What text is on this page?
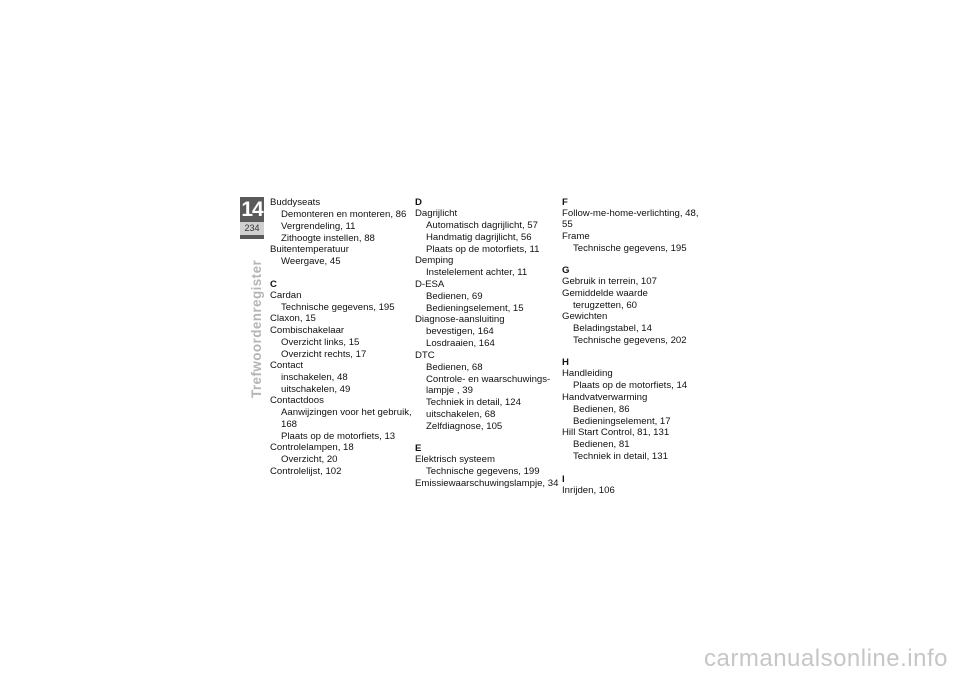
14
234
Trefwoordenregister
Buddyseats
Demonteren en monteren, 86
Vergrendeling, 11
Zithoogte instellen, 88
Buitentemperatuur
Weergave, 45
C
Cardan
Technische gegevens, 195
Claxon, 15
Combischakelaar
Overzicht links, 15
Overzicht rechts, 17
Contact
inschakelen, 48
uitschakelen, 49
Contactdoos
Aanwijzingen voor het gebruik, 168
Plaats op de motorfiets, 13
Controlelampen, 18
Overzicht, 20
Controlelijst, 102
D
Dagrijlicht
Automatisch dagrijlicht, 57
Handmatig dagrijlicht, 56
Plaats op de motorfiets, 11
Demping
Instelelement achter, 11
D-ESA
Bedienen, 69
Bedieningselement, 15
Diagnose-aansluiting
bevestigen, 164
Losdraaien, 164
DTC
Bedienen, 68
Controle- en waarschuwings-lampje , 39
Techniek in detail, 124
uitschakelen, 68
Zelfdiagnose, 105
E
Elektrisch systeem
Technische gegevens, 199
Emissiewaarschuwingslampje, 34
F
Follow-me-home-verlichting, 48, 55
Frame
Technische gegevens, 195
G
Gebruik in terrein, 107
Gemiddelde waarde
terugzetten, 60
Gewichten
Beladingstabel, 14
Technische gegevens, 202
H
Handleiding
Plaats op de motorfiets, 14
Handvatverwarming
Bedienen, 86
Bedieningselement, 17
Hill Start Control, 81, 131
Bedienen, 81
Techniek in detail, 131
I
Inrijden, 106
carmanualsonline.info
